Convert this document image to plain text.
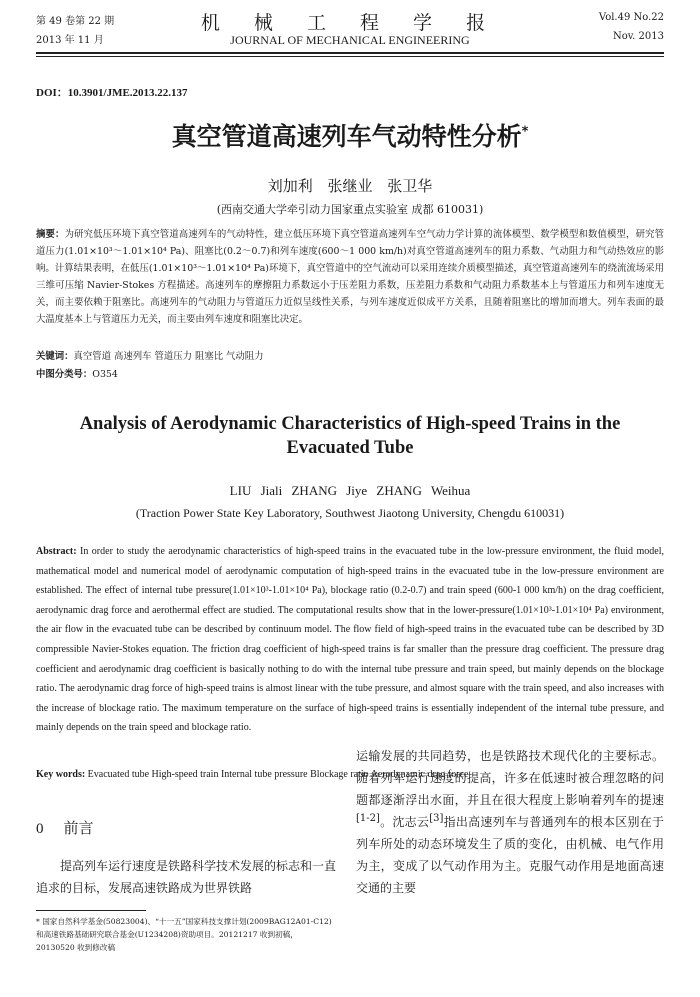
第 49 卷第 22 期
2013 年 11 月
机 械 工 程 学 报
JOURNAL OF MECHANICAL ENGINEERING
Vol.49 No.22
Nov. 2013
DOI：10.3901/JME.2013.22.137
真空管道高速列车气动特性分析*
刘加利 张继业 张卫华
(西南交通大学牵引动力国家重点实验室 成都 610031)
摘要：为研究低压环境下真空管道高速列车的气动特性，建立低压环境下真空管道高速列车空气动力学计算的流体模型、数学模型和数值模型，研究管道压力(1.01×10³～1.01×10⁴ Pa)、阻塞比(0.2～0.7)和列车速度(600～1 000 km/h)对真空管道高速列车的阻力系数、气动阻力和气动热效应的影响。计算结果表明，在低压(1.01×10³～1.01×10⁴ Pa)环境下，真空管道中的空气流动可以采用连续介质模型描述，真空管道高速列车的绕流流场采用三维可压缩 Navier-Stokes 方程描述。高速列车的摩擦阻力系数远小于压差阻力系数，压差阻力系数和气动阻力系数基本上与管道压力和列车速度无关，而主要依赖于阻塞比。高速列车的气动阻力与管道压力近似呈线性关系，与列车速度近似成平方关系，且随着阻塞比的增加而增大。列车表面的最大温度基本上与管道压力无关，而主要由列车速度和阻塞比决定。
关键词：真空管道 高速列车 管道压力 阻塞比 气动阻力
中图分类号：O354
Analysis of Aerodynamic Characteristics of High-speed Trains in the Evacuated Tube
LIU Jiali ZHANG Jiye ZHANG Weihua
(Traction Power State Key Laboratory, Southwest Jiaotong University, Chengdu 610031)
Abstract: In order to study the aerodynamic characteristics of high-speed trains in the evacuated tube in the low-pressure environment, the fluid model, mathematical model and numerical model of aerodynamic computation of high-speed trains in the evacuated tube in the low-pressure environment are established. The effect of internal tube pressure(1.01×10³-1.01×10⁴ Pa), blockage ratio (0.2-0.7) and train speed (600-1 000 km/h) on the drag coefficient, aerodynamic drag force and aerothermal effect are studied. The computational results show that in the lower-pressure(1.01×10³-1.01×10⁴ Pa) environment, the air flow in the evacuated tube can be described by continuum model. The flow field of high-speed trains in the evacuated tube can be described by 3D compressible Navier-Stokes equation. The friction drag coefficient of high-speed trains is far smaller than the pressure drag coefficient. The pressure drag coefficient and aerodynamic drag coefficient is basically nothing to do with the internal tube pressure and train speed, but mainly depends on the blockage ratio. The aerodynamic drag force of high-speed trains is almost linear with the tube pressure, and almost square with the train speed, and also increases with the increase of blockage ratio. The maximum temperature on the surface of high-speed trains is essentially independent of the internal tube pressure, and mainly depends on the train speed and blockage ratio.
Key words: Evacuated tube High-speed train Internal tube pressure Blockage ratio Aerodynamic drag force
0 前言
提高列车运行速度是铁路科学技术发展的标志和一直追求的目标，发展高速铁路成为世界铁路
* 国家自然科学基金(50823004)、“十一五”国家科技支撑计划(2009BAG12A01-C12)和高速铁路基础研究联合基金(U1234208)资助项目。20121217 收到初稿，20130520 收到修改稿
运输发展的共同趋势，也是铁路技术现代化的主要标志。随着列车运行速度的提高，许多在低速时被合理忽略的问题都逐渐浮出水面，并且在很大程度上影响着列车的提速[1-2]。沈志云[3]指出高速列车与普通列车的根本区别在于列车所处的动态环境发生了质的变化，由机械、电气作用为主，变成了以气动作用为主。克服气动作用是地面高速交通的主要
